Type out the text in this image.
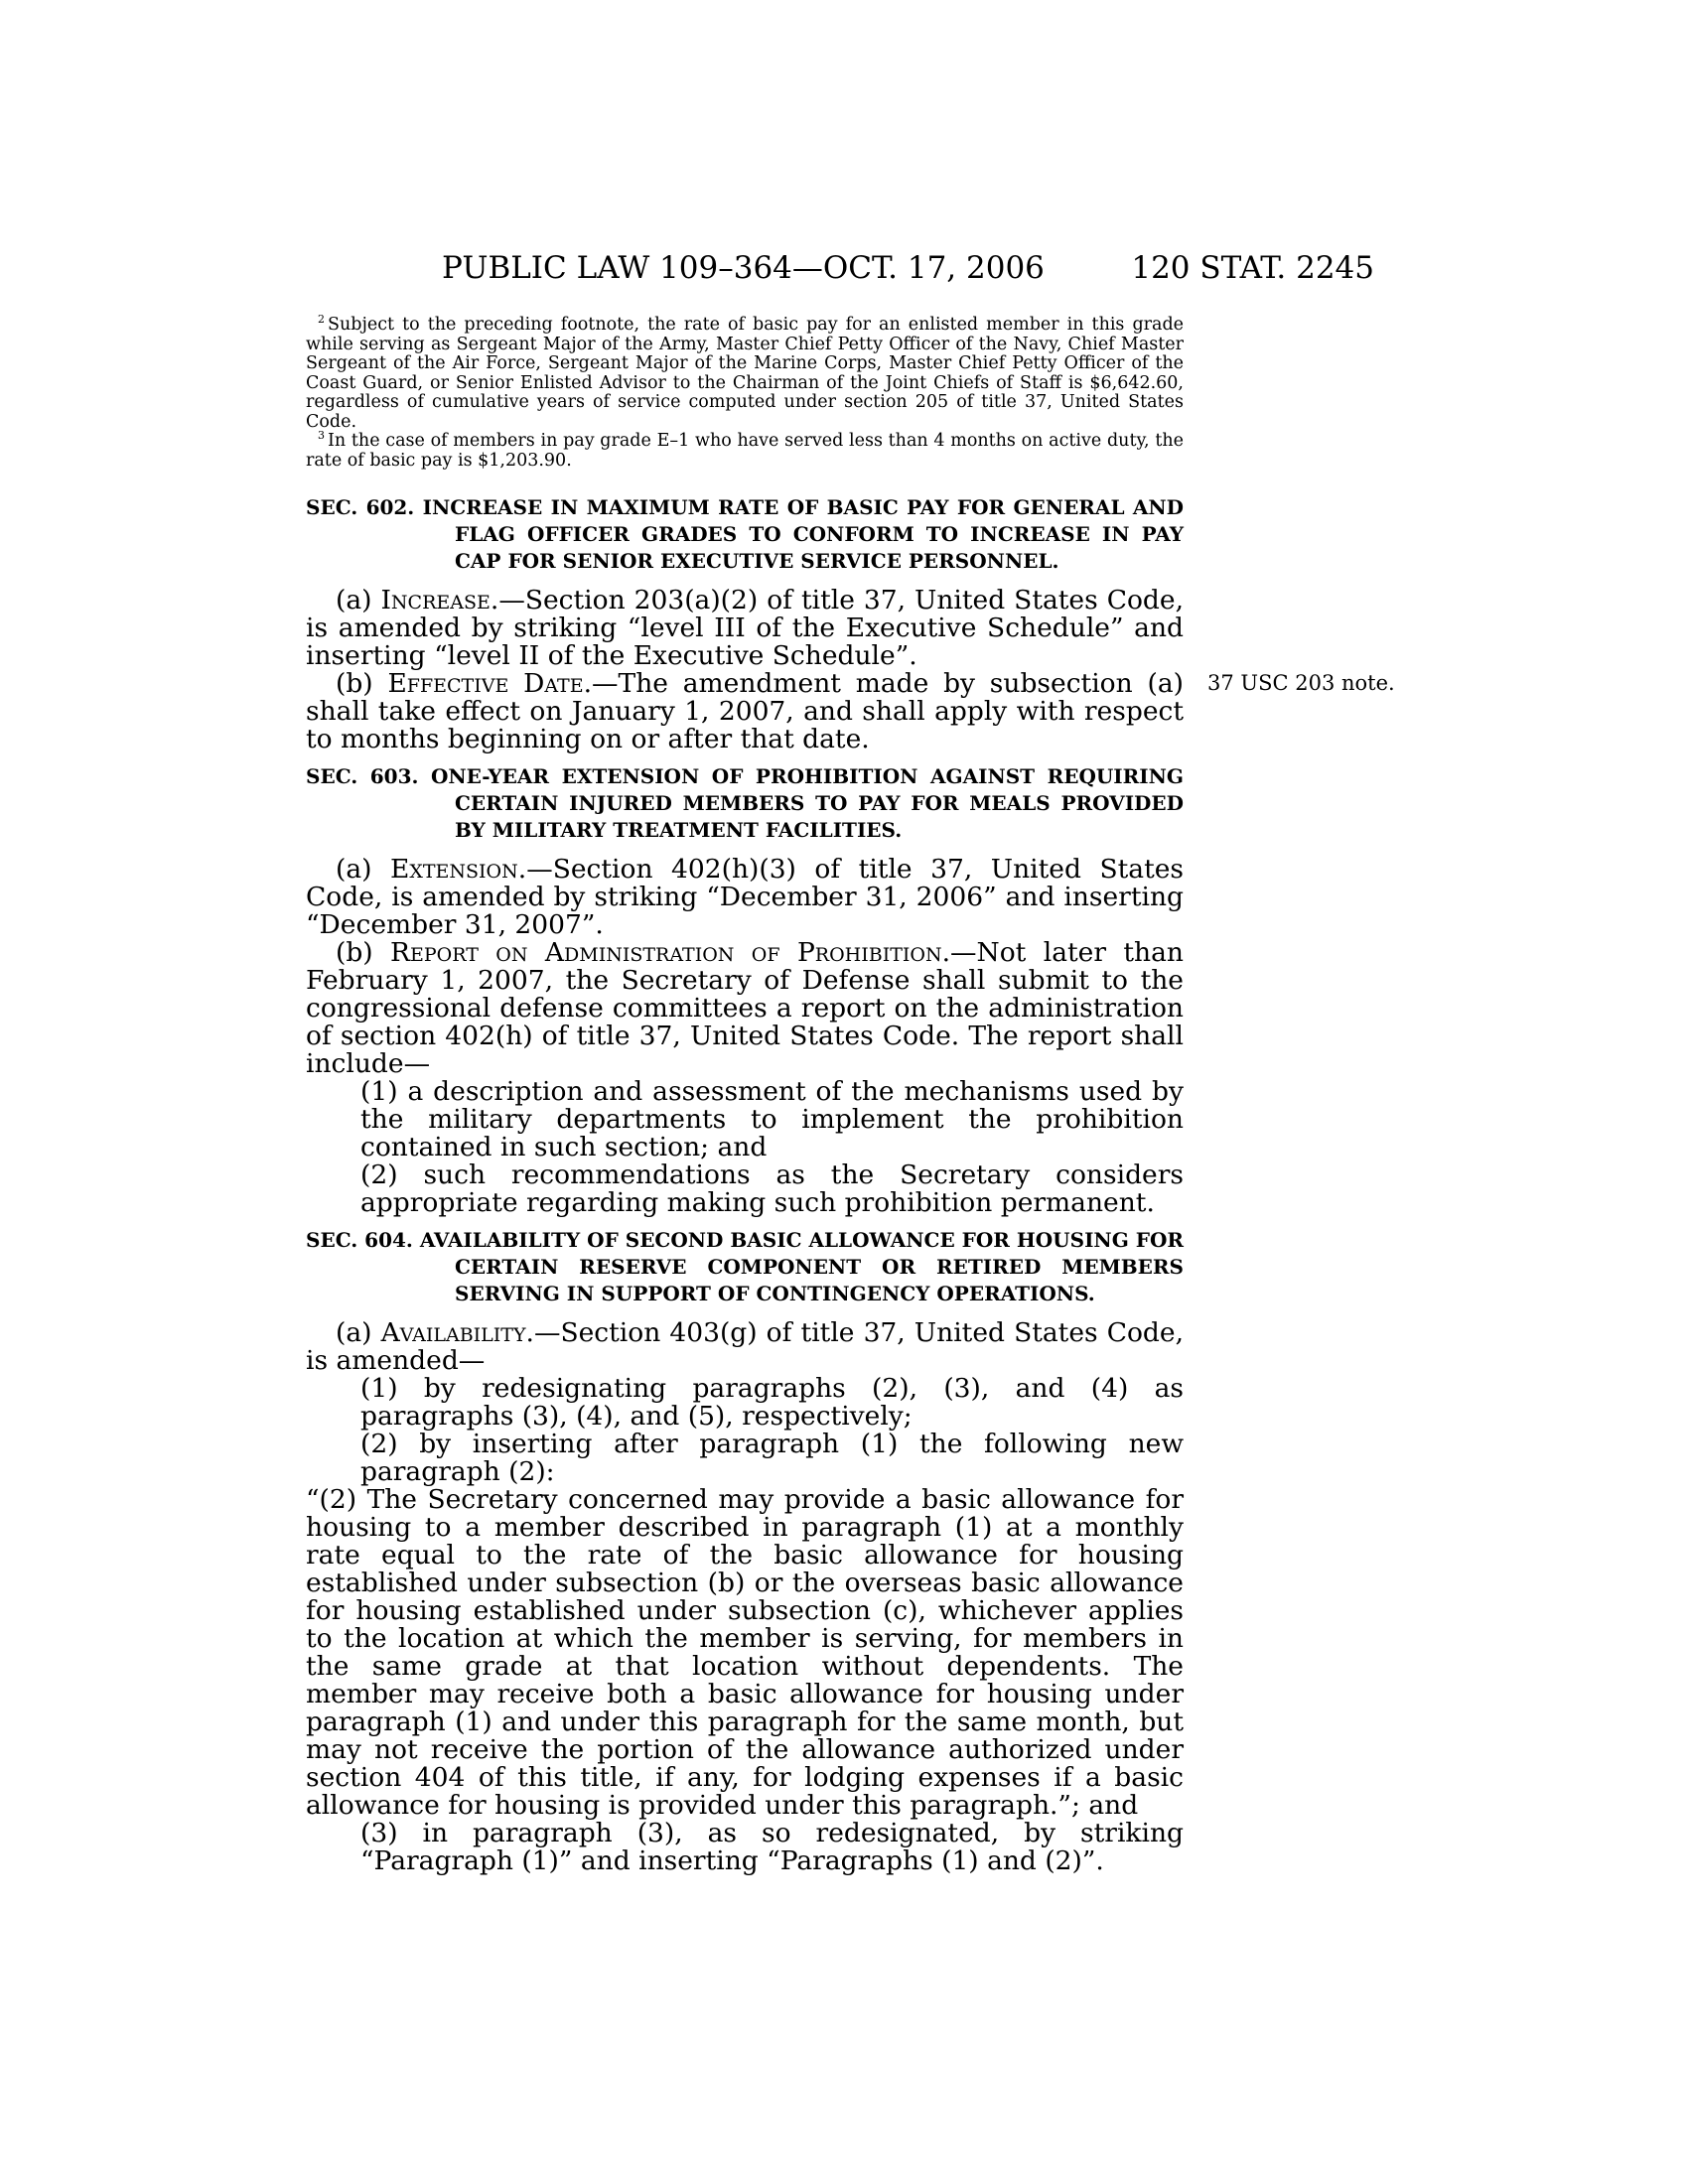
PUBLIC LAW 109–364—OCT. 17, 2006	120 STAT. 2245

$^2$ Subject to the preceding footnote, the rate of basic pay for an enlisted member in this grade while serving as Sergeant Major of the Army, Master Chief Petty Officer of the Navy, Chief Master Sergeant of the Air Force, Sergeant Major of the Marine Corps, Master Chief Petty Officer of the Coast Guard, or Senior Enlisted Advisor to the Chairman of the Joint Chiefs of Staff is $6,642.60, regardless of cumulative years of service computed under section 205 of title 37, United States Code.

$^3$ In the case of members in pay grade E–1 who have served less than 4 months on active duty, the rate of basic pay is $1,203.90.

SEC. 602. INCREASE IN MAXIMUM RATE OF BASIC PAY FOR GENERAL AND FLAG OFFICER GRADES TO CONFORM TO INCREASE IN PAY CAP FOR SENIOR EXECUTIVE SERVICE PERSONNEL.

(a) Increase.—Section 203(a)(2) of title 37, United States Code, is amended by striking “level III of the Executive Schedule” and inserting “level II of the Executive Schedule”.

(b) Effective Date.—The amendment made by subsection (a) shall take effect on January 1, 2007, and shall apply with respect to months beginning on or after that date.

SEC. 603. ONE-YEAR EXTENSION OF PROHIBITION AGAINST REQUIRING CERTAIN INJURED MEMBERS TO PAY FOR MEALS PROVIDED BY MILITARY TREATMENT FACILITIES.

(a) Extension.—Section 402(h)(3) of title 37, United States Code, is amended by striking “December 31, 2006” and inserting “December 31, 2007”.

(b) Report on Administration of Prohibition.—Not later than February 1, 2007, the Secretary of Defense shall submit to the congressional defense committees a report on the administration of section 402(h) of title 37, United States Code. The report shall include—

(1) a description and assessment of the mechanisms used by the military departments to implement the prohibition contained in such section; and

(2) such recommendations as the Secretary considers appropriate regarding making such prohibition permanent.

SEC. 604. AVAILABILITY OF SECOND BASIC ALLOWANCE FOR HOUSING FOR CERTAIN RESERVE COMPONENT OR RETIRED MEMBERS SERVING IN SUPPORT OF CONTINGENCY OPERATIONS.

(a) Availability.—Section 403(g) of title 37, United States Code, is amended—

(1) by redesignating paragraphs (2), (3), and (4) as paragraphs (3), (4), and (5), respectively;

(2) by inserting after paragraph (1) the following new paragraph (2):

“(2) The Secretary concerned may provide a basic allowance for housing to a member described in paragraph (1) at a monthly rate equal to the rate of the basic allowance for housing established under subsection (b) or the overseas basic allowance for housing established under subsection (c), whichever applies to the location at which the member is serving, for members in the same grade at that location without dependents. The member may receive both a basic allowance for housing under paragraph (1) and under this paragraph for the same month, but may not receive the portion of the allowance authorized under section 404 of this title, if any, for lodging expenses if a basic allowance for housing is provided under this paragraph.”; and

(3) in paragraph (3), as so redesignated, by striking “Paragraph (1)” and inserting “Paragraphs (1) and (2)”.

37 USC 203 note.
